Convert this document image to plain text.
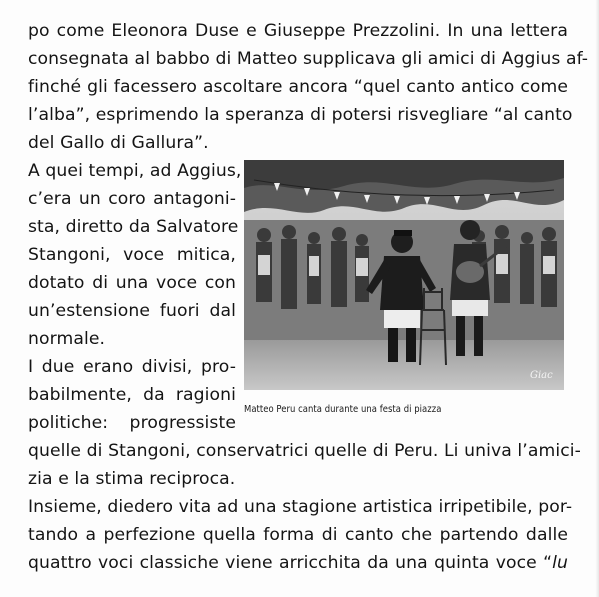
po come Eleonora Duse e Giuseppe Prezzolini. In una lettera
consegnata al babbo di Matteo supplicava gli amici di Aggius af-
finché gli facessero ascoltare ancora “quel canto antico come
l’alba”, esprimendo la speranza di potersi risvegliare “al canto
del Gallo di Gallura”.
A quei tempi, ad Aggius,
c’era un coro antagoni-
sta, diretto da Salvatore
Stangoni, voce mitica,
dotato di una voce con
un’estensione fuori dal
normale.
I due erano divisi, pro-
babilmente, da ragioni
politiche: progressiste
quelle di Stangoni, conservatrici quelle di Peru. Li univa l’amici-
zia e la stima reciproca.
Insieme, diedero vita ad una stagione artistica irripetibile, por-
tando a perfezione quella forma di canto che partendo dalle
quattro voci classiche viene arricchita da una quinta voce “lu
Giac
Matteo Peru canta durante una festa di piazza
